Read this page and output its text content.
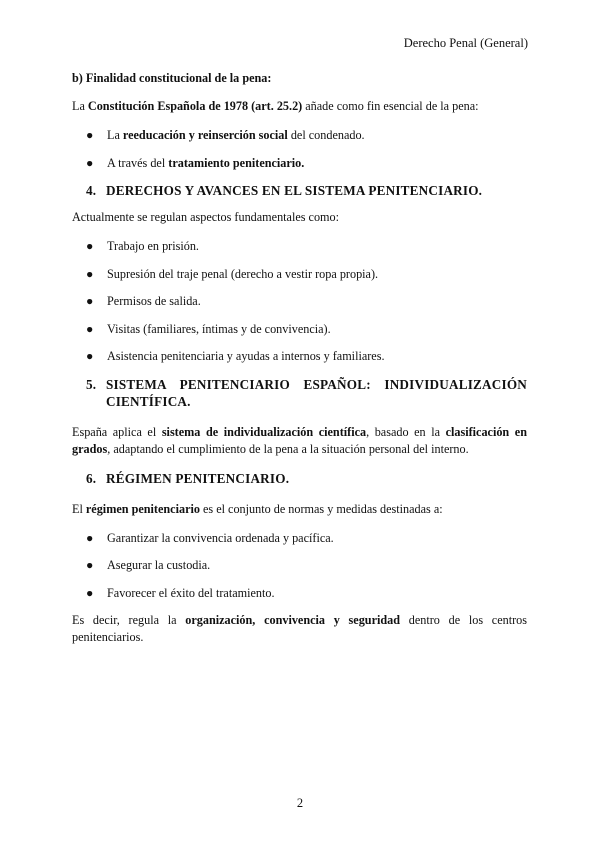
Derecho Penal (General)

b) Finalidad constitucional de la pena:

La Constitución Española de 1978 (art. 25.2) añade como fin esencial de la pena:

● La reeducación y reinserción social del condenado.
● A través del tratamiento penitenciario.
4. DERECHOS Y AVANCES EN EL SISTEMA PENITENCIARIO.

Actualmente se regulan aspectos fundamentales como:

● Trabajo en prisión.
● Supresión del traje penal (derecho a vestir ropa propia).
● Permisos de salida.
● Visitas (familiares, íntimas y de convivencia).
● Asistencia penitenciaria y ayudas a internos y familiares.
5. SISTEMA PENITENCIARIO ESPAÑOL: INDIVIDUALIZACIÓN
CIENTÍFICA.

España aplica el sistema de individualización científica, basado en la clasificación en grados, adaptando el cumplimiento de la pena a la situación personal del interno.

6. RÉGIMEN PENITENCIARIO.

El régimen penitenciario es el conjunto de normas y medidas destinadas a:

● Garantizar la convivencia ordenada y pacífica.
● Asegurar la custodia.
● Favorecer el éxito del tratamiento.

Es decir, regula la organización, convivencia y seguridad dentro de los centros penitenciarios.

2
